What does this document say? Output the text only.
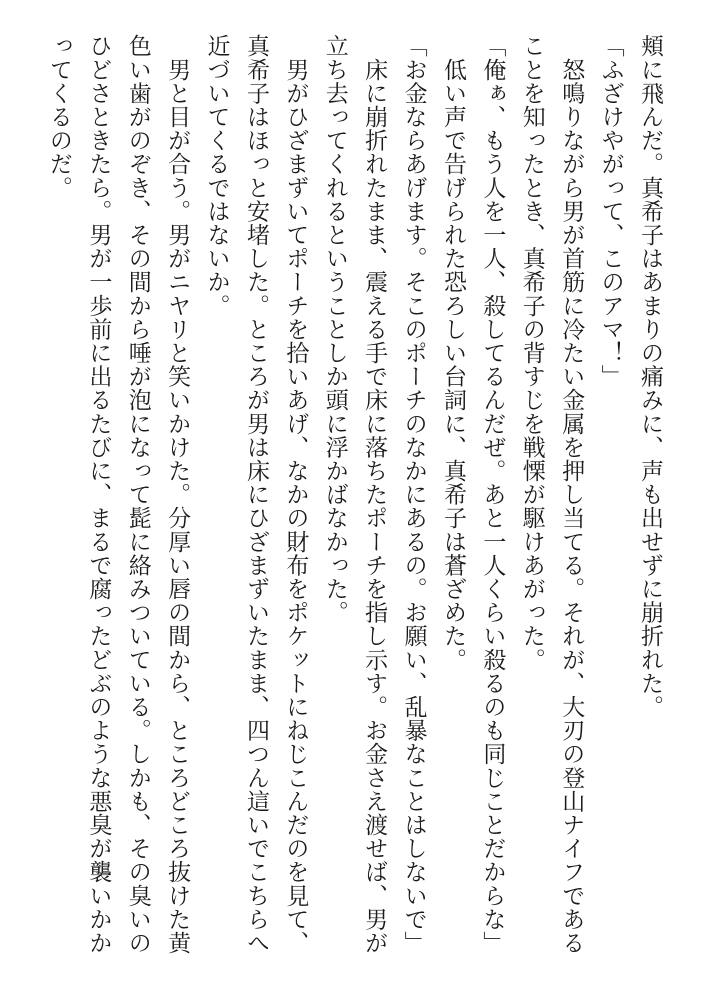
頬に飛んだ。真希子はあまりの痛みに、声も出せずに崩折れた。

「ふざけやがって、このアマ！」

　怒鳴りながら男が首筋に冷たい金属を押し当てる。それが、大刃の登山ナイフであることを知ったとき、真希子の背すじを戦慄が駆けあがった。

「俺ぁ、もう人を一人、殺してるんだぜ。あと一人くらい殺るのも同じことだからな」

　低い声で告げられた恐ろしい台詞に、真希子は蒼ざめた。

「お金ならあげます。そこのポーチのなかにあるの。お願い、乱暴なことはしないで」

　床に崩折れたまま、震える手で床に落ちたポーチを指し示す。お金さえ渡せば、男が立ち去ってくれるということしか頭に浮かばなかった。

　男がひざまずいてポーチを拾いあげ、なかの財布をポケットにねじこんだのを見て、真希子はほっと安堵した。ところが男は床にひざまずいたまま、四つん這いでこちらへ近づいてくるではないか。

　男と目が合う。男がニヤリと笑いかけた。分厚い唇の間から、ところどころ抜けた黄色い歯がのぞき、その間から唾が泡になって髭に絡みついている。しかも、その臭いのひどさときたら。男が一歩前に出るたびに、まるで腐ったどぶのような悪臭が襲いかかってくるのだ。
